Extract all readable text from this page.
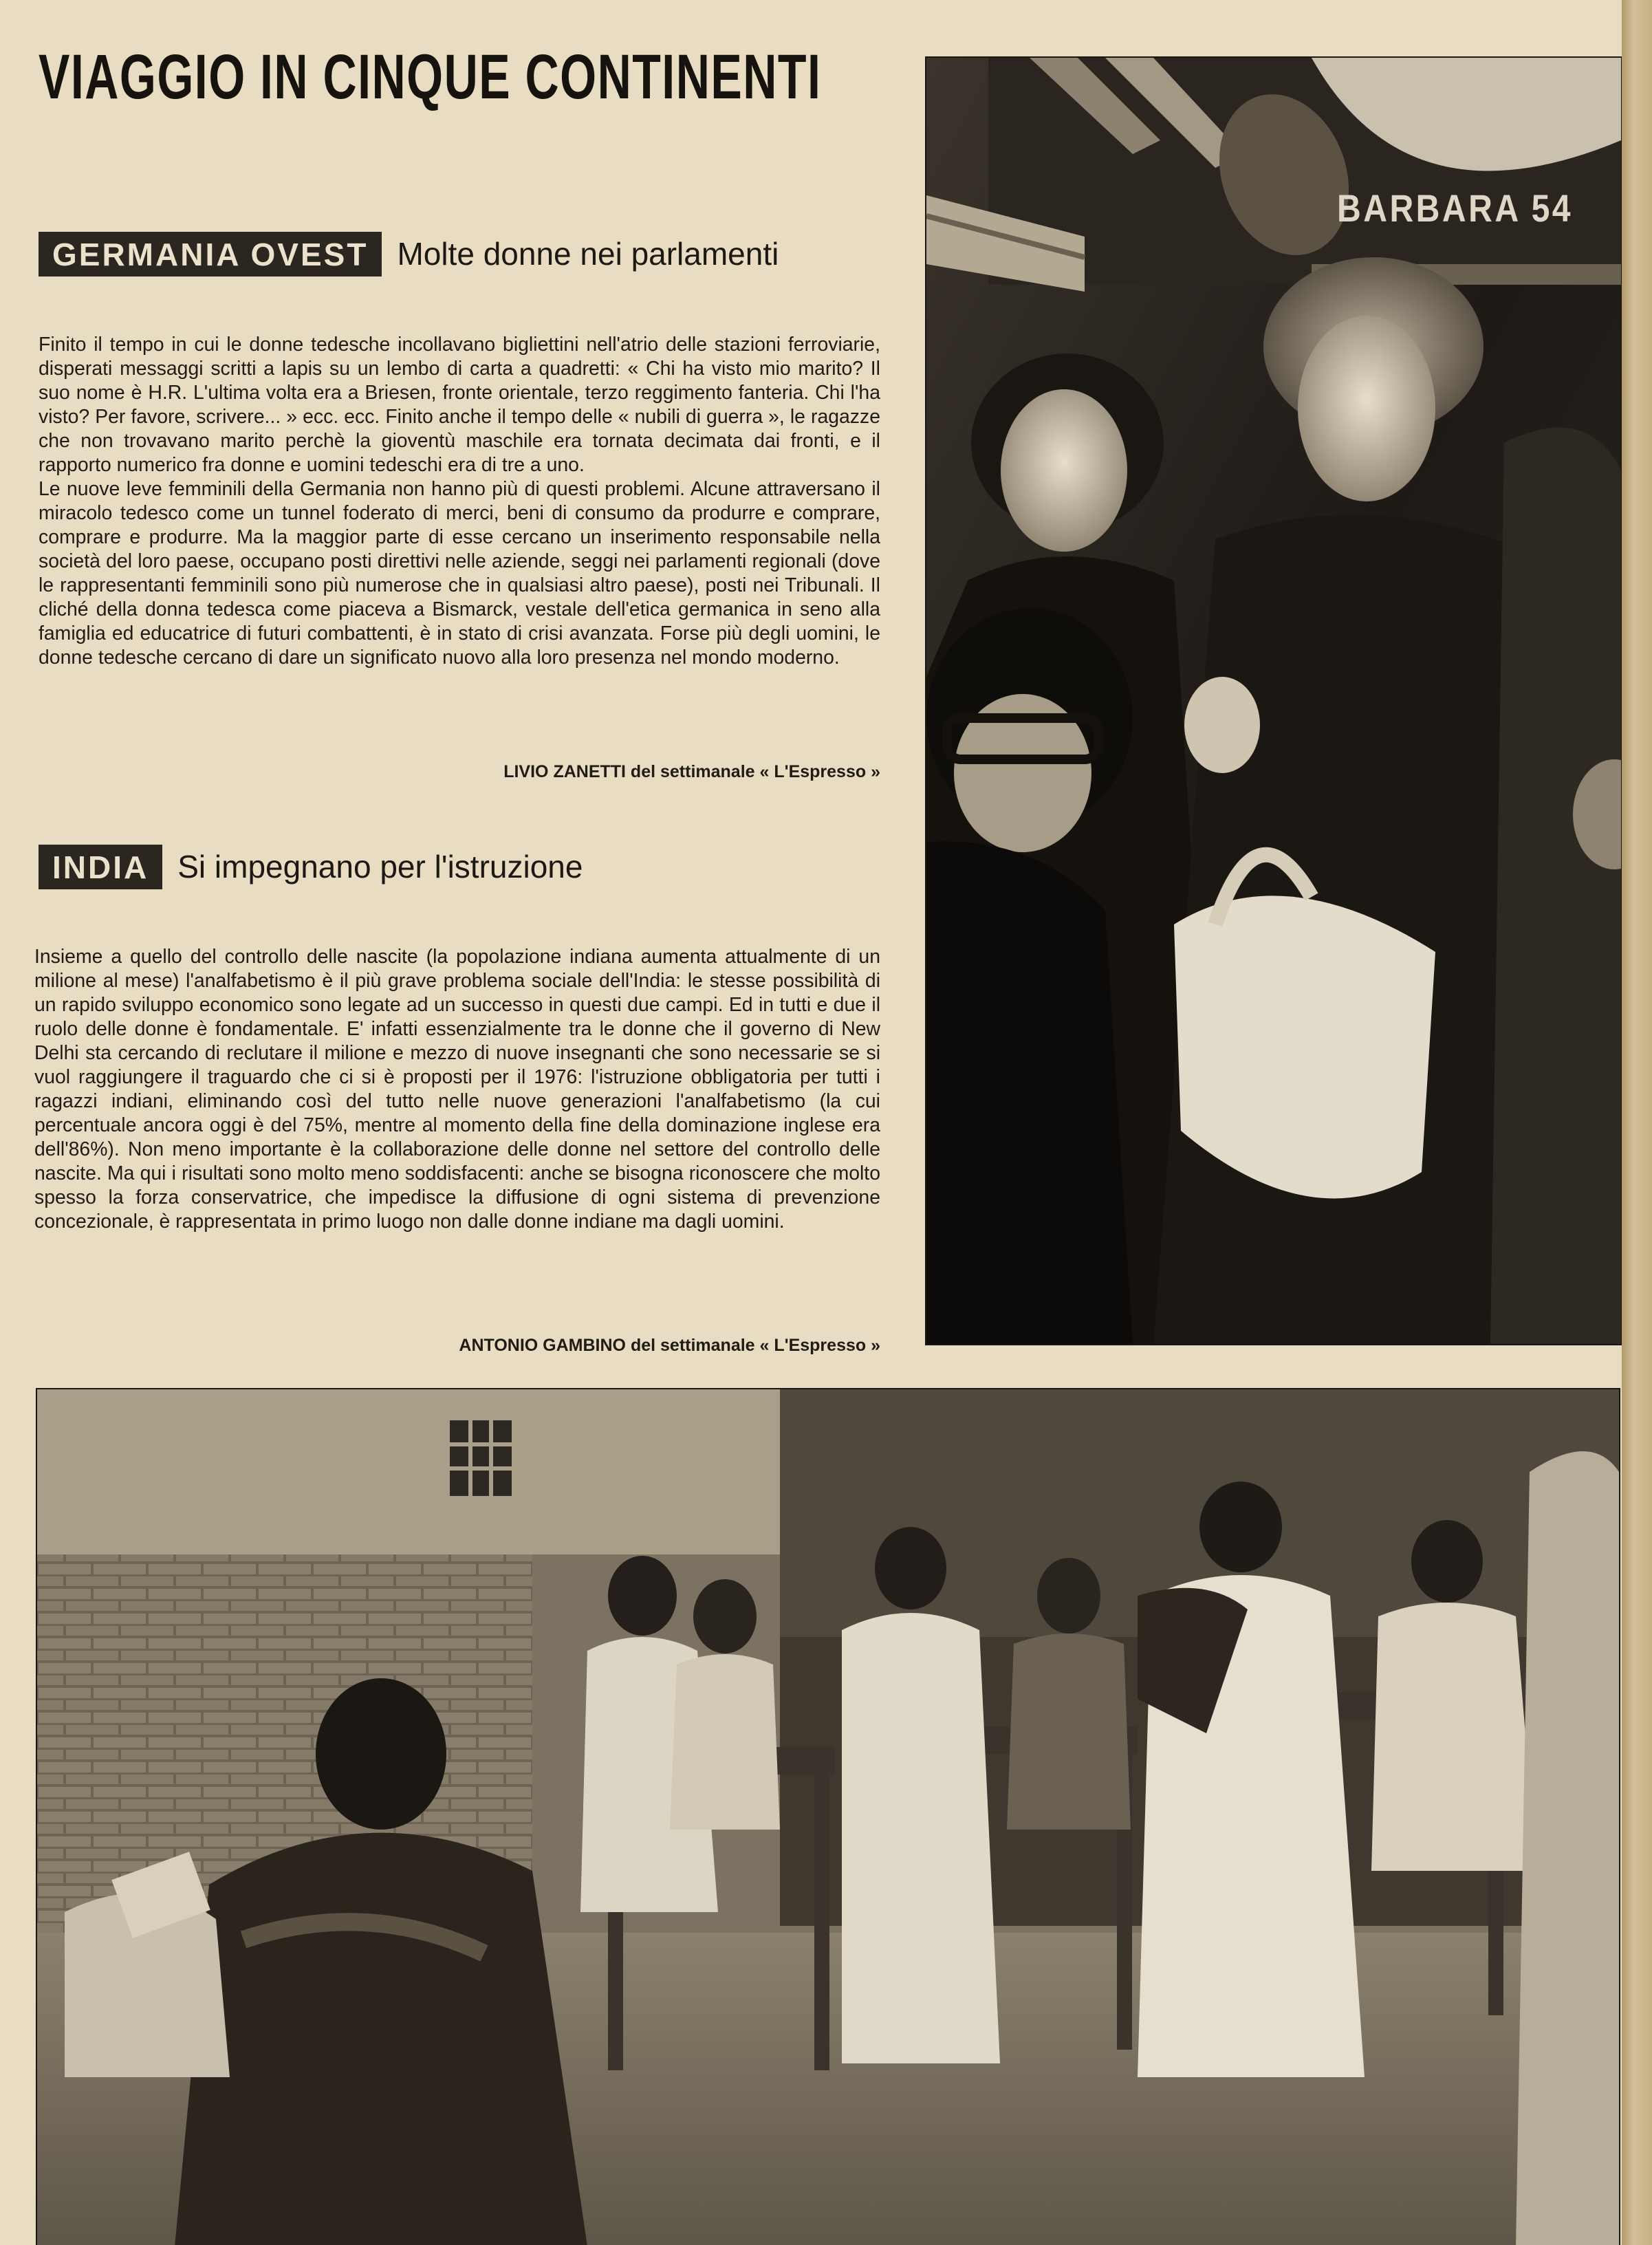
VIAGGIO IN CINQUE CONTINENTI
GERMANIA OVEST Molte donne nei parlamenti

Finito il tempo in cui le donne tedesche incollavano bigliettini nell'atrio delle stazioni ferroviarie, disperati messaggi scritti a lapis su un lembo di carta a quadretti: « Chi ha visto mio marito? Il suo nome è H.R. L'ultima volta era a Briesen, fronte orientale, terzo reggimento fanteria. Chi l'ha visto? Per favore, scrivere... » ecc. ecc. Finito anche il tempo delle « nubili di guerra », le ragazze che non trovavano marito perchè la gioventù maschile era tornata decimata dai fronti, e il rapporto numerico fra donne e uomini tedeschi era di tre a uno.

Le nuove leve femminili della Germania non hanno più di questi problemi. Alcune attraversano il miracolo tedesco come un tunnel foderato di merci, beni di consumo da produrre e comprare, comprare e produrre. Ma la maggior parte di esse cercano un inserimento responsabile nella società del loro paese, occupano posti direttivi nelle aziende, seggi nei parlamenti regionali (dove le rappresentanti femminili sono più numerose che in qualsiasi altro paese), posti nei Tribunali. Il cliché della donna tedesca come piaceva a Bismarck, vestale dell'etica germanica in seno alla famiglia ed educatrice di futuri combattenti, è in stato di crisi avanzata. Forse più degli uomini, le donne tedesche cercano di dare un significato nuovo alla loro presenza nel mondo moderno.

LIVIO ZANETTI del settimanale « L'Espresso »
INDIA Si impegnano per l'istruzione

Insieme a quello del controllo delle nascite (la popolazione indiana aumenta attualmente di un milione al mese) l'analfabetismo è il più grave problema sociale dell'India: le stesse possibilità di un rapido sviluppo economico sono legate ad un successo in questi due campi. Ed in tutti e due il ruolo delle donne è fondamentale. E' infatti essenzialmente tra le donne che il governo di New Delhi sta cercando di reclutare il milione e mezzo di nuove insegnanti che sono necessarie se si vuol raggiungere il traguardo che ci si è proposti per il 1976: l'istruzione obbligatoria per tutti i ragazzi indiani, eliminando così del tutto nelle nuove generazioni l'analfabetismo (la cui percentuale ancora oggi è del 75%, mentre al momento della fine della dominazione inglese era dell'86%). Non meno importante è la collaborazione delle donne nel settore del controllo delle nascite. Ma qui i risultati sono molto meno soddisfacenti: anche se bisogna riconoscere che molto spesso la forza conservatrice, che impedisce la diffusione di ogni sistema di prevenzione concezionale, è rappresentata in primo luogo non dalle donne indiane ma dagli uomini.

ANTONIO GAMBINO del settimanale « L'Espresso »
BARBARA 54
